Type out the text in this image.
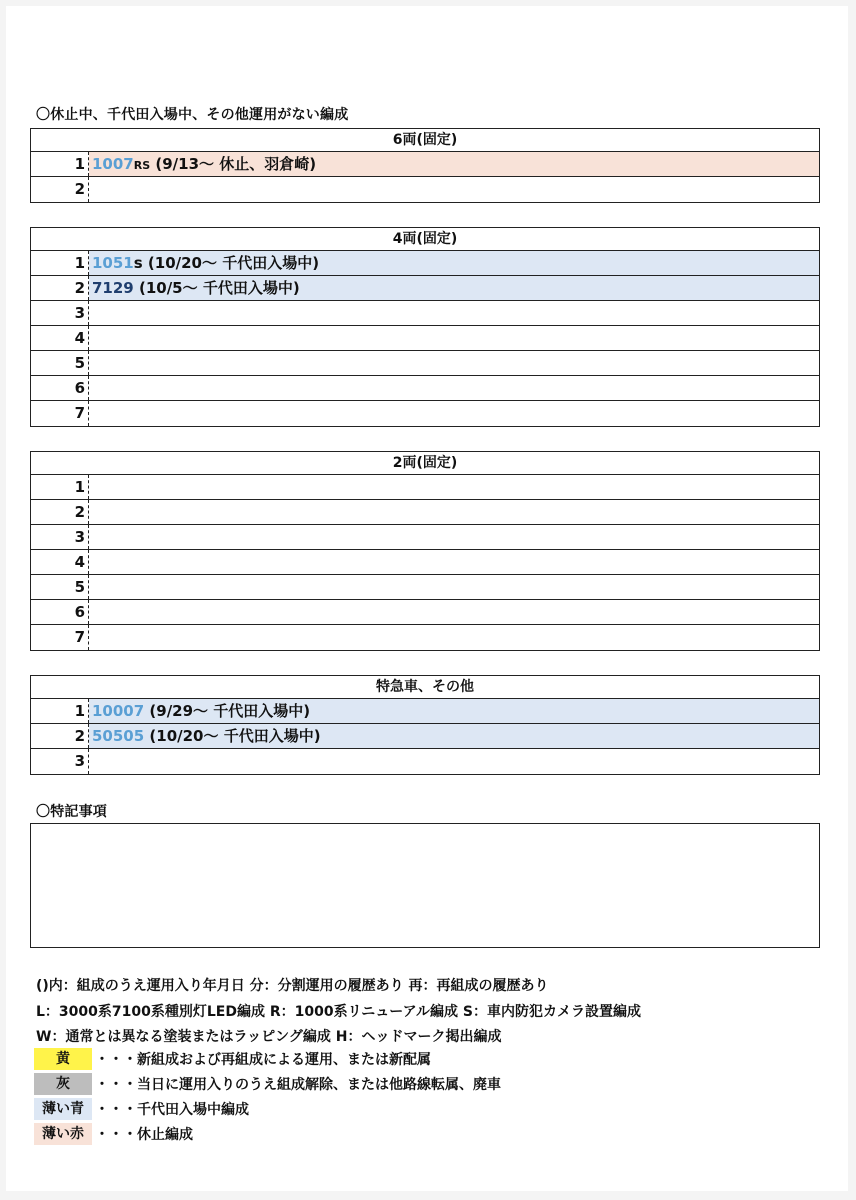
〇休止中、千代田入場中、その他運用がない編成
6両(固定)
1 1007RS (9/13～ 休止、羽倉崎)
2
4両(固定)
1 1051s (10/20～ 千代田入場中)
2 7129 (10/5～ 千代田入場中)
3
4
5
6
7
2両(固定)
1
2
3
4
5
6
7
特急車、その他
1 10007 (9/29～ 千代田入場中)
2 50505 (10/20～ 千代田入場中)
3
〇特記事項
()内：組成のうえ運用入り年月日 分：分割運用の履歴あり 再：再組成の履歴あり
L：3000系7100系種別灯LED編成 R：1000系リニューアル編成 S：車内防犯カメラ設置編成
W：通常とは異なる塗装またはラッピング編成 H：ヘッドマーク掲出編成
黄	・・・新組成および再組成による運用、または新配属
灰	・・・当日に運用入りのうえ組成解除、または他路線転属、廃車
薄い青 ・・・千代田入場中編成
薄い赤 ・・・休止編成
